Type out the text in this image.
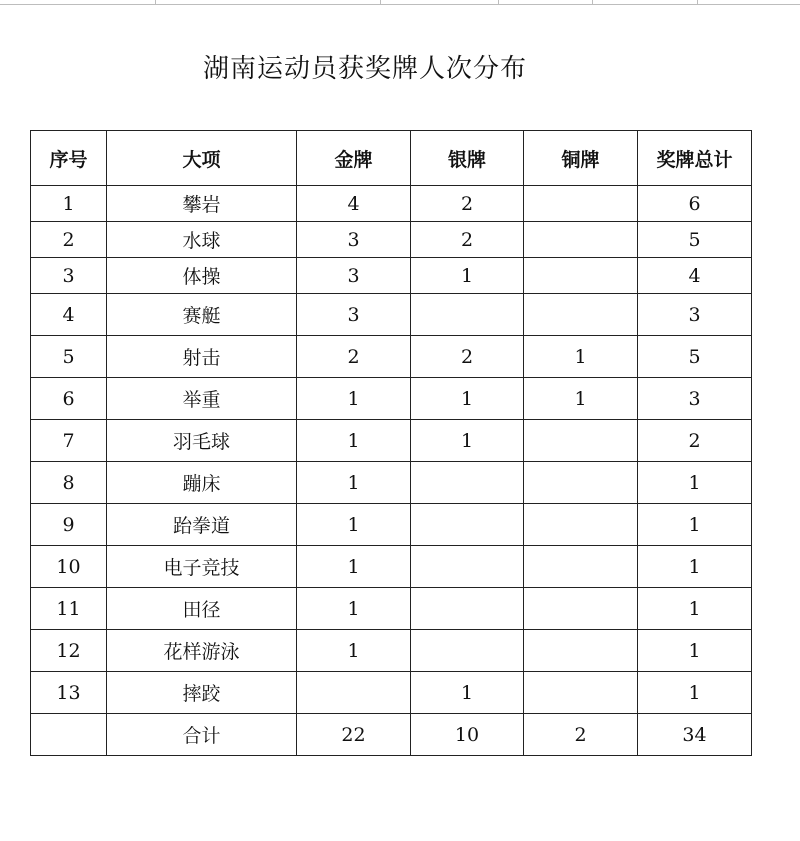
湖南运动员获奖牌人次分布
序号	大项	金牌	银牌	铜牌	奖牌总计
1	攀岩	4	2		6
2	水球	3	2		5
3	体操	3	1		4
4	赛艇	3			3
5	射击	2	2	1	5
6	举重	1	1	1	3
7	羽毛球	1	1		2
8	蹦床	1			1
9	跆拳道	1			1
10	电子竞技	1			1
11	田径	1			1
12	花样游泳	1			1
13	摔跤		1		1
	合计	22	10	2	34
